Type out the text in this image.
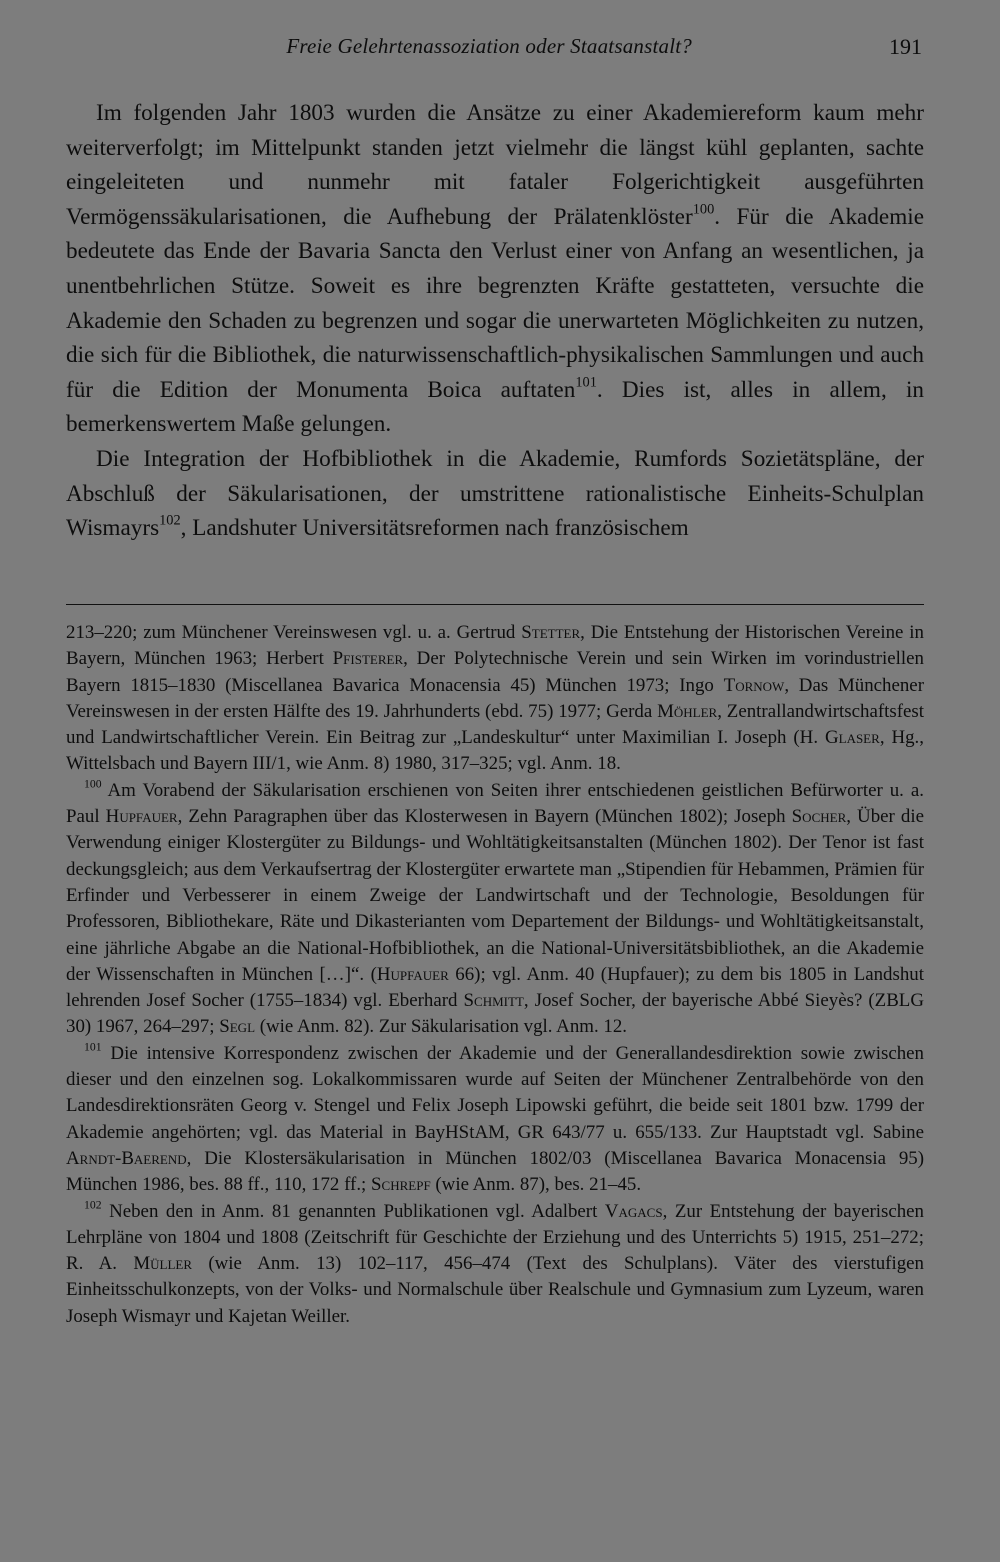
Freie Gelehrtenassoziation oder Staatsanstalt?	191

Im folgenden Jahr 1803 wurden die Ansätze zu einer Akademiereform kaum mehr weiterverfolgt; im Mittelpunkt standen jetzt vielmehr die längst kühl geplanten, sachte eingeleiteten und nunmehr mit fataler Folgerichtigkeit ausgeführten Vermögenssäkularisationen, die Aufhebung der Prälatenklöster$^{100}$. Für die Akademie bedeutete das Ende der Bavaria Sancta den Verlust einer von Anfang an wesentlichen, ja unentbehrlichen Stütze. Soweit es ihre begrenzten Kräfte gestatteten, versuchte die Akademie den Schaden zu begrenzen und sogar die unerwarteten Möglichkeiten zu nutzen, die sich für die Bibliothek, die naturwissenschaftlich-physikalischen Sammlungen und auch für die Edition der Monumenta Boica auftaten$^{101}$. Dies ist, alles in allem, in bemerkenswertem Maße gelungen.

Die Integration der Hofbibliothek in die Akademie, Rumfords Sozietätspläne, der Abschluß der Säkularisationen, der umstrittene rationalistische Einheits-Schulplan Wismayrs$^{102}$, Landshuter Universitätsreformen nach französischem

213–220; zum Münchener Vereinswesen vgl. u. a. Gertrud Stetter, Die Entstehung der Historischen Vereine in Bayern, München 1963; Herbert Pfisterer, Der Polytechnische Verein und sein Wirken im vorindustriellen Bayern 1815–1830 (Miscellanea Bavarica Monacensia 45) München 1973; Ingo Tornow, Das Münchener Vereinswesen in der ersten Hälfte des 19. Jahrhunderts (ebd. 75) 1977; Gerda Möhler, Zentrallandwirtschaftsfest und Landwirtschaftlicher Verein. Ein Beitrag zur „Landeskultur“ unter Maximilian I. Joseph (H. Glaser, Hg., Wittelsbach und Bayern III/1, wie Anm. 8) 1980, 317–325; vgl. Anm. 18.

$^{100}$ Am Vorabend der Säkularisation erschienen von Seiten ihrer entschiedenen geistlichen Befürworter u. a. Paul Hupfauer, Zehn Paragraphen über das Klosterwesen in Bayern (München 1802); Joseph Socher, Über die Verwendung einiger Klostergüter zu Bildungs- und Wohltätigkeitsanstalten (München 1802). Der Tenor ist fast deckungsgleich; aus dem Verkaufsertrag der Klostergüter erwartete man „Stipendien für Hebammen, Prämien für Erfinder und Verbesserer in einem Zweige der Landwirtschaft und der Technologie, Besoldungen für Professoren, Bibliothekare, Räte und Dikasterianten vom Departement der Bildungs- und Wohltätigkeitsanstalt, eine jährliche Abgabe an die National-Hofbibliothek, an die National-Universitätsbibliothek, an die Akademie der Wissenschaften in München […]“. (Hupfauer 66); vgl. Anm. 40 (Hupfauer); zu dem bis 1805 in Landshut lehrenden Josef Socher (1755–1834) vgl. Eberhard Schmitt, Josef Socher, der bayerische Abbé Sieyès? (ZBLG 30) 1967, 264–297; Segl (wie Anm. 82). Zur Säkularisation vgl. Anm. 12.

$^{101}$ Die intensive Korrespondenz zwischen der Akademie und der Generallandesdirektion sowie zwischen dieser und den einzelnen sog. Lokalkommissaren wurde auf Seiten der Münchener Zentralbehörde von den Landesdirektionsräten Georg v. Stengel und Felix Joseph Lipowski geführt, die beide seit 1801 bzw. 1799 der Akademie angehörten; vgl. das Material in BayHStAM, GR 643/77 u. 655/133. Zur Hauptstadt vgl. Sabine Arndt-Baerend, Die Klostersäkularisation in München 1802/03 (Miscellanea Bavarica Monacensia 95) München 1986, bes. 88 ff., 110, 172 ff.; Schrepf (wie Anm. 87), bes. 21–45.

$^{102}$ Neben den in Anm. 81 genannten Publikationen vgl. Adalbert Vagacs, Zur Entstehung der bayerischen Lehrpläne von 1804 und 1808 (Zeitschrift für Geschichte der Erziehung und des Unterrichts 5) 1915, 251–272; R. A. Müller (wie Anm. 13) 102–117, 456–474 (Text des Schulplans). Väter des vierstufigen Einheitsschulkonzepts, von der Volks- und Normalschule über Realschule und Gymnasium zum Lyzeum, waren Joseph Wismayr und Kajetan Weiller.
